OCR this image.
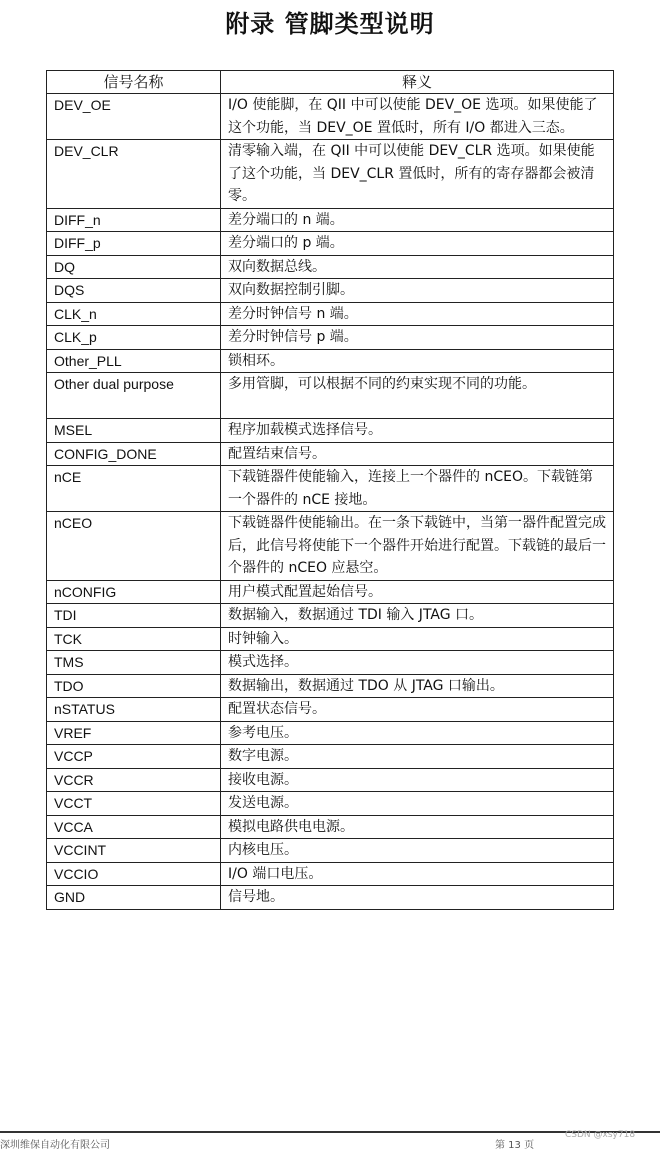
附录 管脚类型说明
信号名称	释义
DEV_OE	I/O 使能脚，在 QII 中可以使能 DEV_OE 选项。如果使能了这个功能，当 DEV_OE 置低时，所有 I/O 都进入三态。
DEV_CLR	清零输入端，在 QII 中可以使能 DEV_CLR 选项。如果使能了这个功能，当 DEV_CLR 置低时，所有的寄存器都会被清零。
DIFF_n	差分端口的 n 端。
DIFF_p	差分端口的 p 端。
DQ	双向数据总线。
DQS	双向数据控制引脚。
CLK_n	差分时钟信号 n 端。
CLK_p	差分时钟信号 p 端。
Other_PLL	锁相环。
Other dual purpose	多用管脚，可以根据不同的约束实现不同的功能。
MSEL	程序加载模式选择信号。
CONFIG_DONE	配置结束信号。
nCE	下载链器件使能输入，连接上一个器件的 nCEO。下载链第一个器件的 nCE 接地。
nCEO	下载链器件使能输出。在一条下载链中，当第一器件配置完成后，此信号将使能下一个器件开始进行配置。下载链的最后一个器件的 nCEO 应悬空。
nCONFIG	用户模式配置起始信号。
TDI	数据输入，数据通过 TDI 输入 JTAG 口。
TCK	时钟输入。
TMS	模式选择。
TDO	数据输出，数据通过 TDO 从 JTAG 口输出。
nSTATUS	配置状态信号。
VREF	参考电压。
VCCP	数字电源。
VCCR	接收电源。
VCCT	发送电源。
VCCA	模拟电路供电电源。
VCCINT	内核电压。
VCCIO	I/O 端口电压。
GND	信号地。
深圳维保自动化有限公司	第 13 页
CSDN @xsy718
